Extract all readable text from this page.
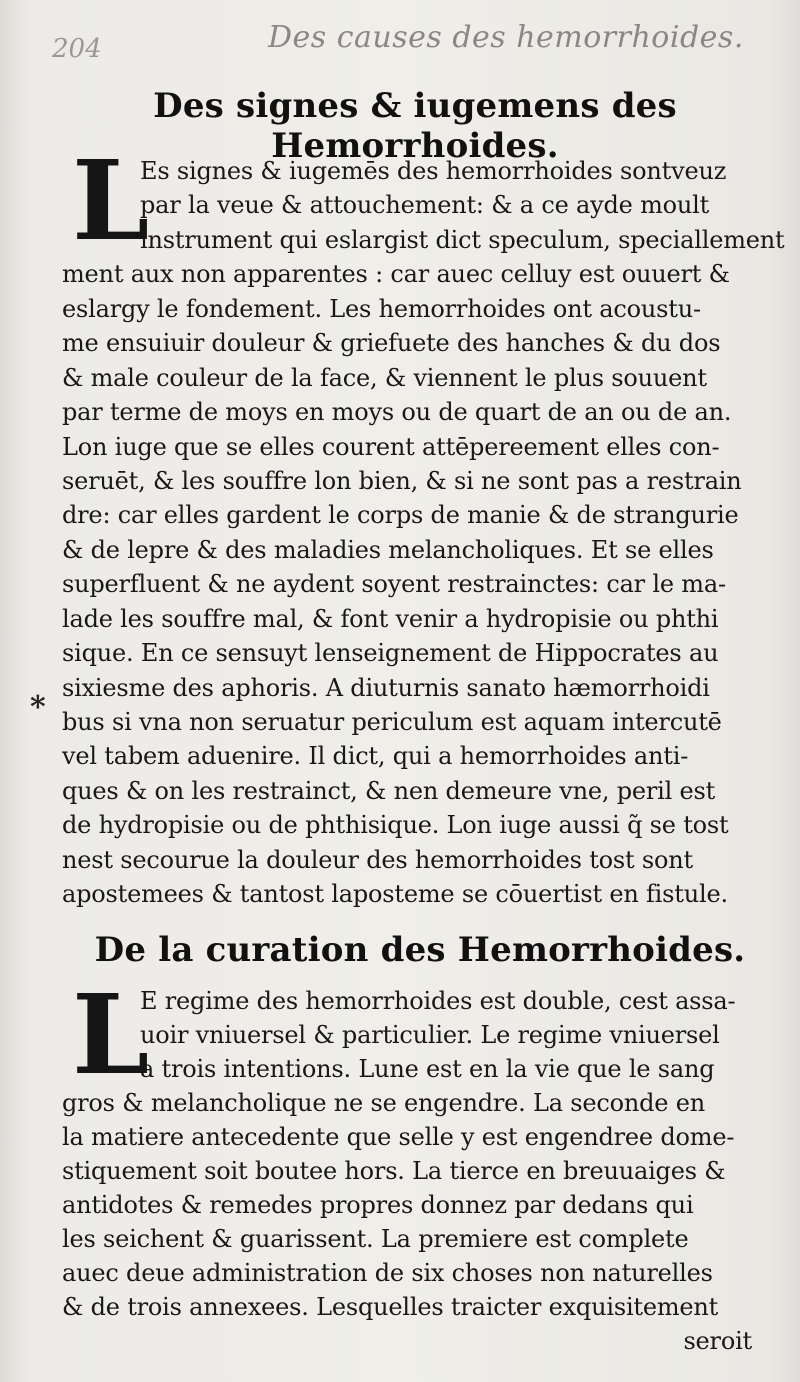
204	Des causes des hemorrhoides.
Des signes & iugemens des Hemorrhoides.
L
Es signes & iugemēs des hemorrhoides sontveuz
par la veue & attouchement: & a ce ayde moult
instrument qui eslargist dict speculum, speciallement
ment aux non apparentes : car auec celluy est ouuert &
eslargy le fondement. Les hemorrhoides ont acoustu-
me ensuiuir douleur & griefuete des hanches & du dos
& male couleur de la face, & viennent le plus souuent
par terme de moys en moys ou de quart de an ou de an.
Lon iuge que se elles courent attēpereement elles con-
seruēt, & les souffre lon bien, & si ne sont pas a restrain
dre: car elles gardent le corps de manie & de strangurie
& de lepre & des maladies melancholiques. Et se elles
superfluent & ne aydent soyent restrainctes: car le ma-
lade les souffre mal, & font venir a hydropisie ou phthi
sique. En ce sensuyt lenseignement de Hippocrates au
sixiesme des aphoris. A diuturnis sanato hæmorrhoidi
bus si vna non seruatur periculum est aquam intercutē
vel tabem aduenire. Il dict, qui a hemorrhoides anti-
ques & on les restrainct, & nen demeure vne, peril est
de hydropisie ou de phthisique. Lon iuge aussi q̃ se tost
nest secourue la douleur des hemorrhoides tost sont
apostemees & tantost laposteme se cōuertist en fistule.
*
De la curation des Hemorrhoides.
L
E regime des hemorrhoides est double, cest assa-
uoir vniuersel & particulier. Le regime vniuersel
a trois intentions. Lune est en la vie que le sang
gros & melancholique ne se engendre. La seconde en
la matiere antecedente que selle y est engendree dome-
stiquement soit boutee hors. La tierce en breuuaiges &
antidotes & remedes propres donnez par dedans qui
les seichent & guarissent. La premiere est complete
auec deue administration de six choses non naturelles
& de trois annexees. Lesquelles traicter exquisitement
seroit
